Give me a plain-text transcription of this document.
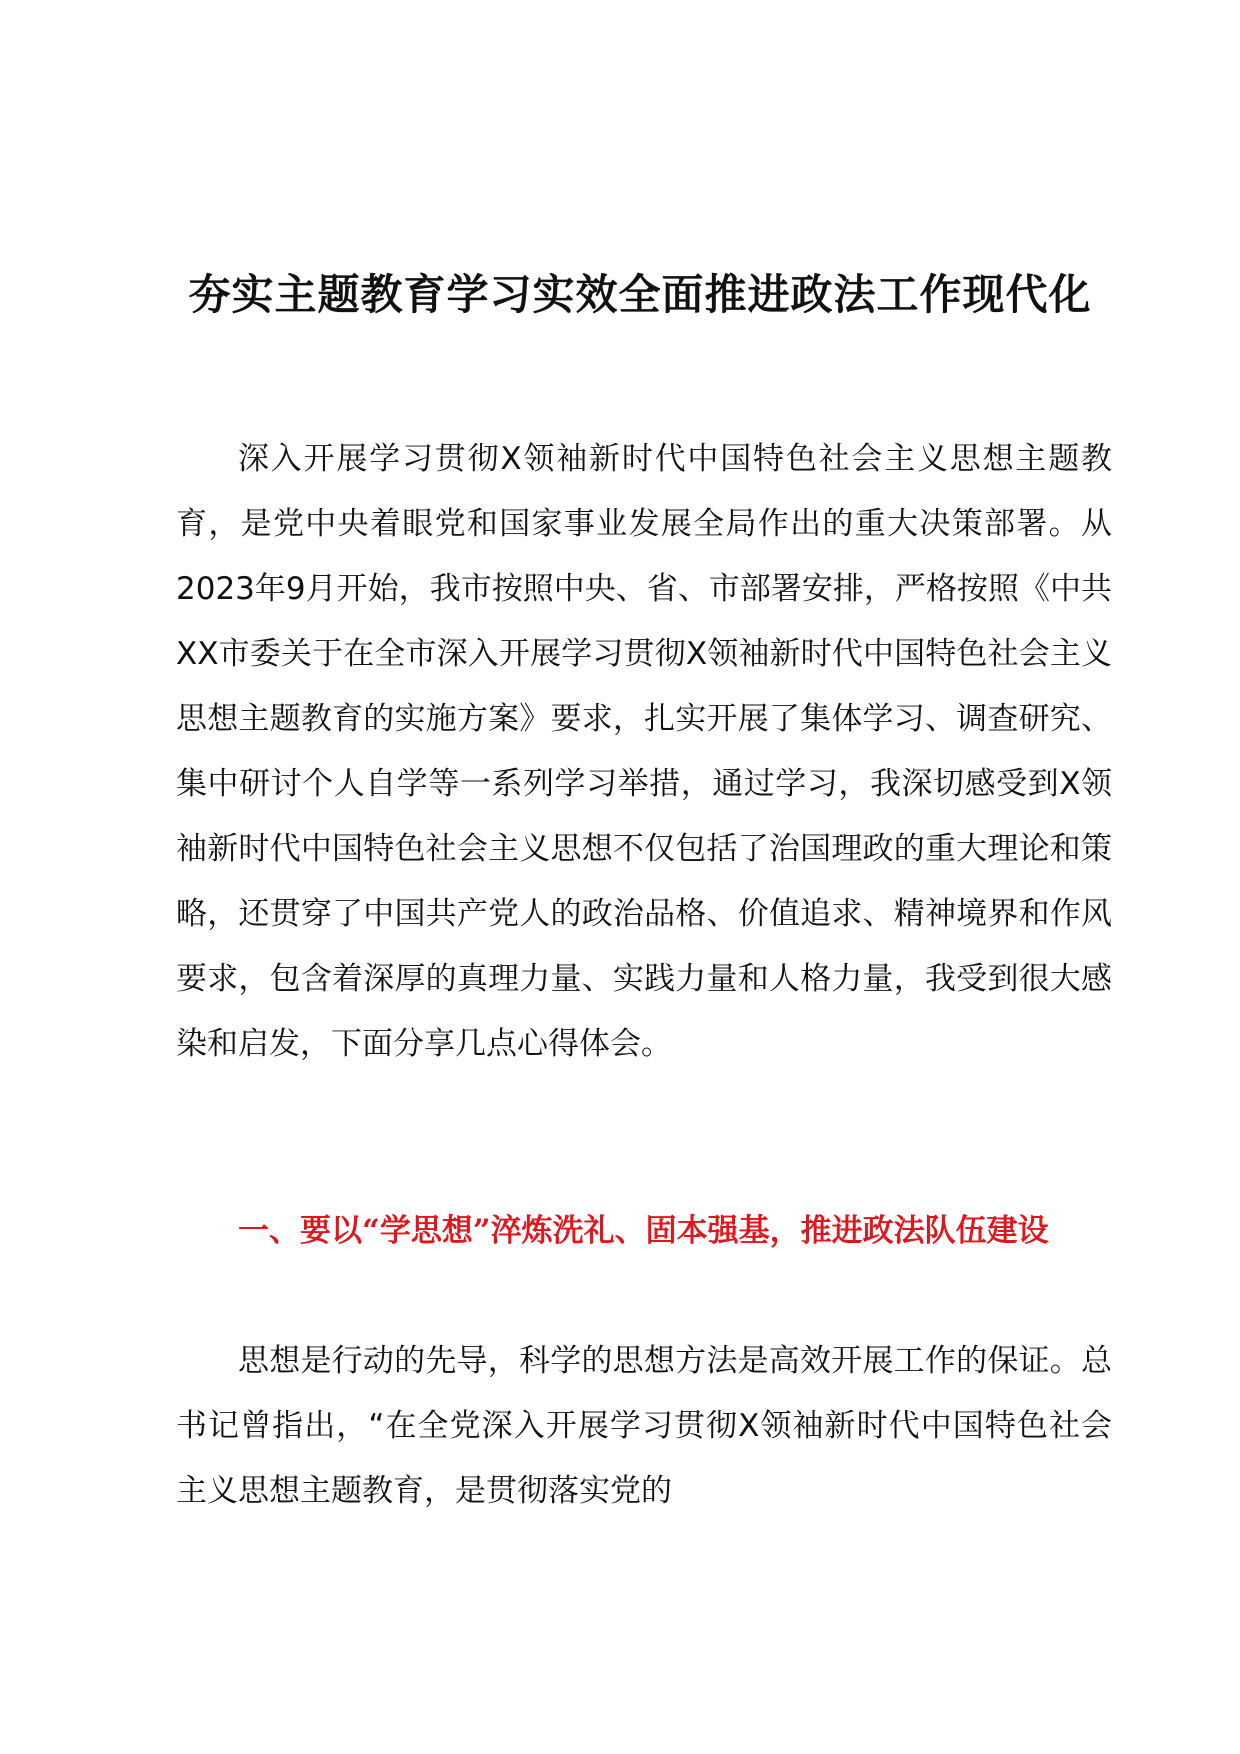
夯实主题教育学习实效全面推进政法工作现代化

深入开展学习贯彻X领袖新时代中国特色社会主义思想主题教育，是党中央着眼党和国家事业发展全局作出的重大决策部署。从2023年9月开始，我市按照中央、省、市部署安排，严格按照《中共XX市委关于在全市深入开展学习贯彻X领袖新时代中国特色社会主义思想主题教育的实施方案》要求，扎实开展了集体学习、调查研究、集中研讨个人自学等一系列学习举措，通过学习，我深切感受到X领袖新时代中国特色社会主义思想不仅包括了治国理政的重大理论和策略，还贯穿了中国共产党人的政治品格、价值追求、精神境界和作风要求，包含着深厚的真理力量、实践力量和人格力量，我受到很大感染和启发，下面分享几点心得体会。

一、要以“学思想”淬炼洗礼、固本强基，推进政法队伍建设

思想是行动的先导，科学的思想方法是高效开展工作的保证。总书记曾指出，“在全党深入开展学习贯彻X领袖新时代中国特色社会主义思想主题教育，是贯彻落实党的
